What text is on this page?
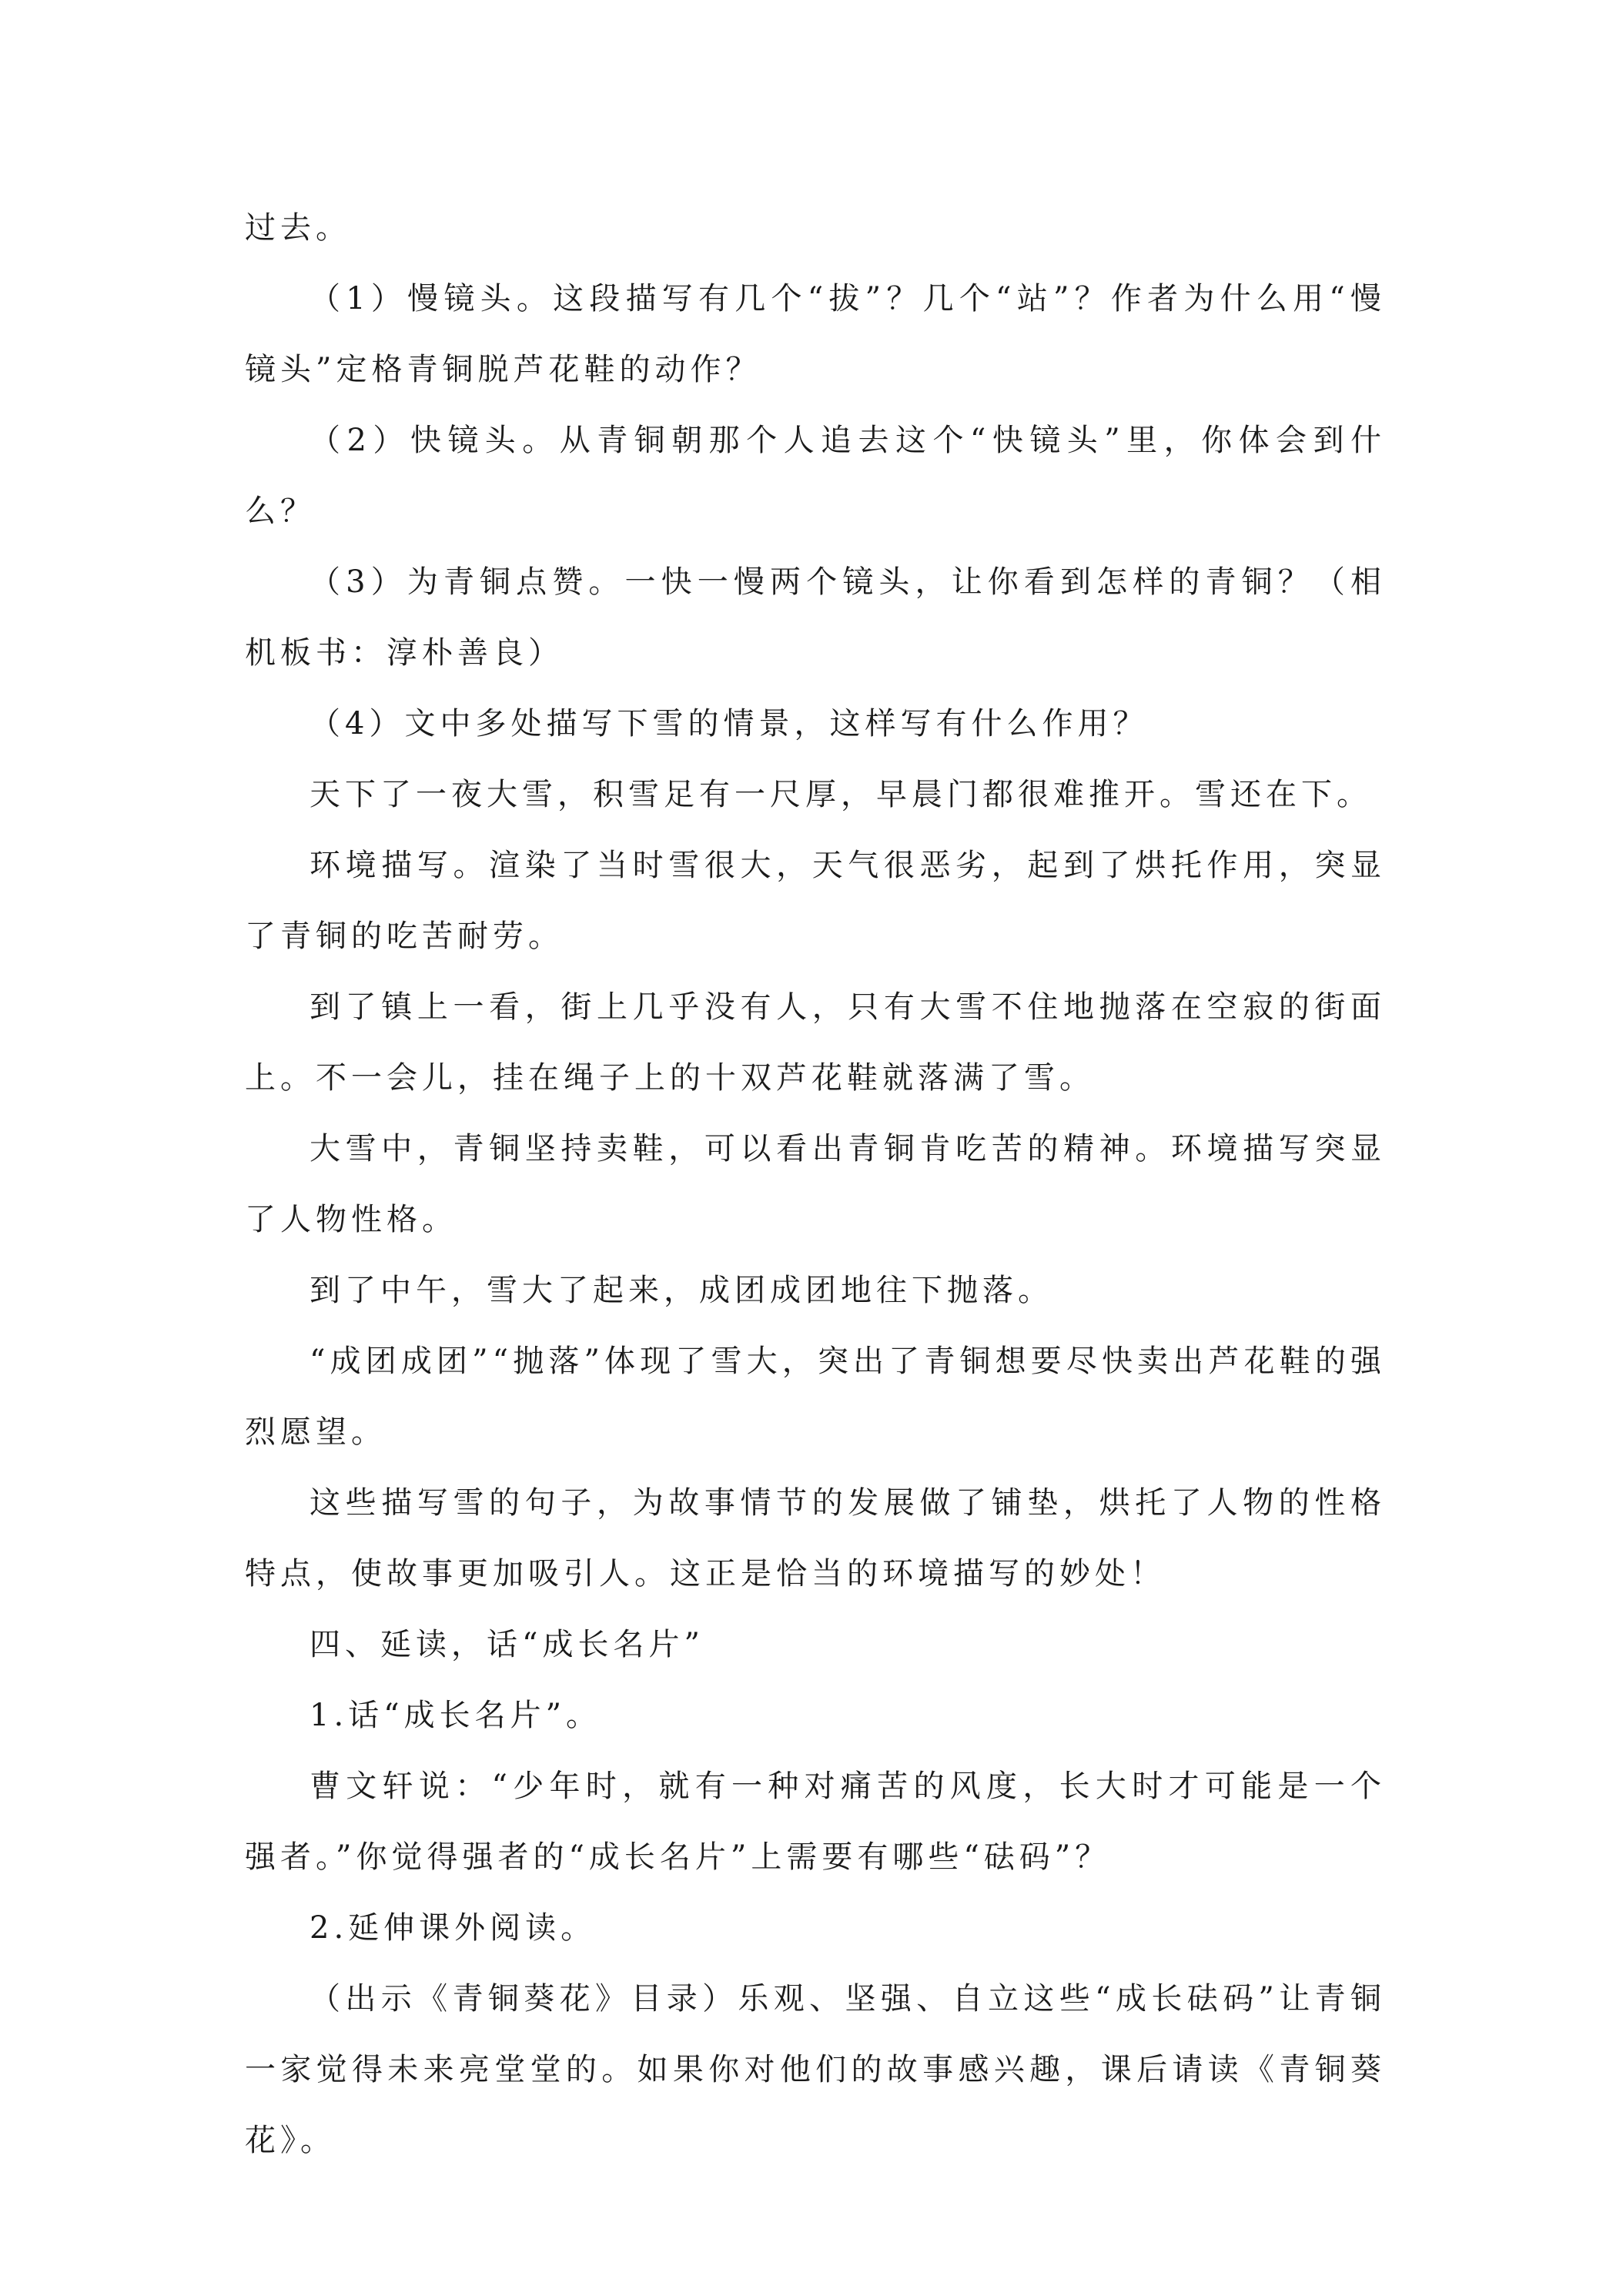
过去。

（1）慢镜头。这段描写有几个“拔”？几个“站”？作者为什么用“慢镜头”定格青铜脱芦花鞋的动作？

（2）快镜头。从青铜朝那个人追去这个“快镜头”里，你体会到什么？

（3）为青铜点赞。一快一慢两个镜头，让你看到怎样的青铜？（相机板书：淳朴善良）

（4）文中多处描写下雪的情景，这样写有什么作用？

天下了一夜大雪，积雪足有一尺厚，早晨门都很难推开。雪还在下。

环境描写。渲染了当时雪很大，天气很恶劣，起到了烘托作用，突显了青铜的吃苦耐劳。

到了镇上一看，街上几乎没有人，只有大雪不住地抛落在空寂的街面上。不一会儿，挂在绳子上的十双芦花鞋就落满了雪。

大雪中，青铜坚持卖鞋，可以看出青铜肯吃苦的精神。环境描写突显了人物性格。

到了中午，雪大了起来，成团成团地往下抛落。

“成团成团”“抛落”体现了雪大，突出了青铜想要尽快卖出芦花鞋的强烈愿望。

这些描写雪的句子，为故事情节的发展做了铺垫，烘托了人物的性格特点，使故事更加吸引人。这正是恰当的环境描写的妙处！

四、延读，话“成长名片”

1.话“成长名片”。

曹文轩说：“少年时，就有一种对痛苦的风度，长大时才可能是一个强者。”你觉得强者的“成长名片”上需要有哪些“砝码”？

2.延伸课外阅读。

（出示《青铜葵花》目录）乐观、坚强、自立这些“成长砝码”让青铜一家觉得未来亮堂堂的。如果你对他们的故事感兴趣，课后请读《青铜葵花》。
